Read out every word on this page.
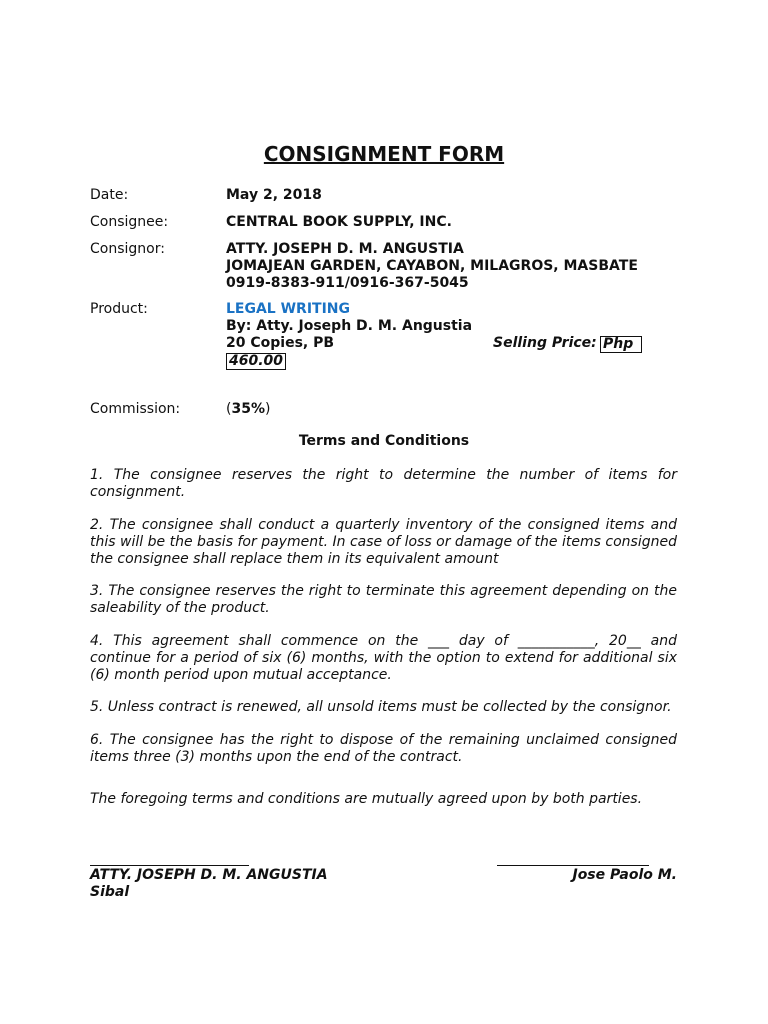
CONSIGNMENT FORM
Date:	May 2, 2018
Consignee:	CENTRAL BOOK SUPPLY, INC.
Consignor:	ATTY. JOSEPH D. M. ANGUSTIA
JOMAJEAN GARDEN, CAYABON, MILAGROS, MASBATE
0919-8383-911/0916-367-5045
Product:	LEGAL WRITING
By: Atty. Joseph D. M. Angustia
20 Copies, PB	Selling Price: Php
460.00
Commission:	(35%)
Terms and Conditions
1. The consignee reserves the right to determine the number of items for consignment.
2. The consignee shall conduct a quarterly inventory of the consigned items and this will be the basis for payment. In case of loss or damage of the items consigned the consignee shall replace them in its equivalent amount
3. The consignee reserves the right to terminate this agreement depending on the saleability of the product.
4. This agreement shall commence on the ___ day of ___________, 20__ and continue for a period of six (6) months, with the option to extend for additional six (6) month period upon mutual acceptance.
5. Unless contract is renewed, all unsold items must be collected by the consignor.
6. The consignee has the right to dispose of the remaining unclaimed consigned items three (3) months upon the end of the contract.
The foregoing terms and conditions are mutually agreed upon by both parties.
ATTY. JOSEPH D. M. ANGUSTIA	Jose Paolo M.
Sibal
